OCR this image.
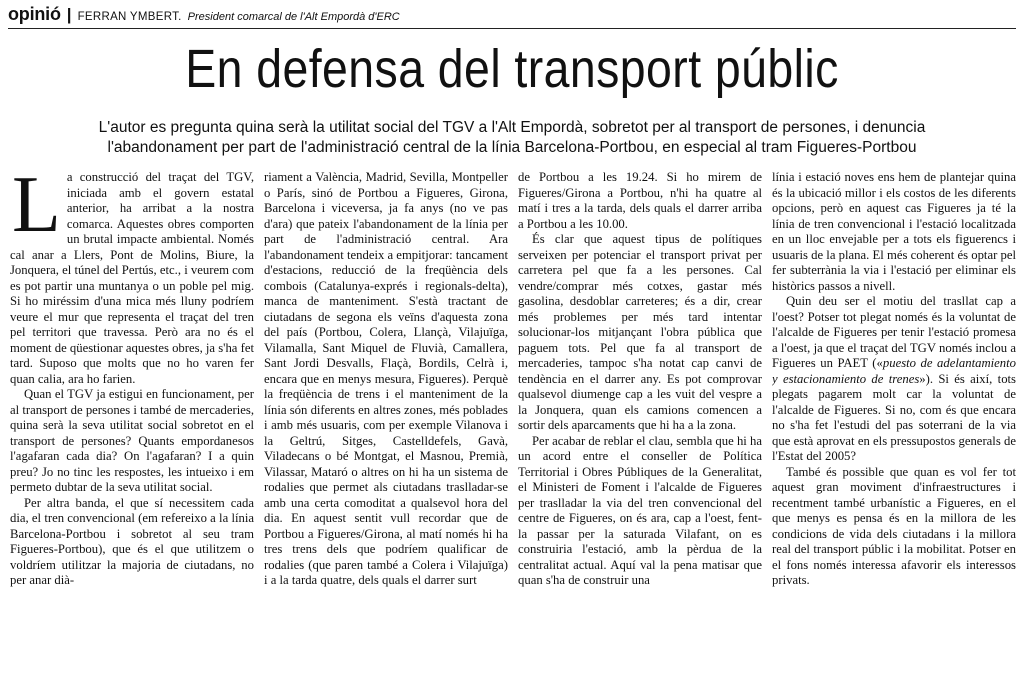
opinió | FERRAN YMBERT. President comarcal de l'Alt Empordà d'ERC
En defensa del transport públic

L'autor es pregunta quina serà la utilitat social del TGV a l'Alt Empordà, sobretot per al transport de persones, i denuncia l'abandonament per part de l'administració central de la línia Barcelona-Portbou, en especial al tram Figueres-Portbou

La construcció del traçat del TGV, iniciada amb el govern estatal anterior, ha arribat a la nostra comarca. Aquestes obres comporten un brutal impacte ambiental. Només cal anar a Llers, Pont de Molins, Biure, la Jonquera, el túnel del Pertús, etc., i veurem com es pot partir una muntanya o un poble pel mig. Si ho miréssim d'una mica més lluny podríem veure el mur que representa el traçat del tren pel territori que travessa. Però ara no és el moment de qüestionar aquestes obres, ja s'ha fet tard. Suposo que molts que no ho varen fer quan calia, ara ho farien.

Quan el TGV ja estigui en funcionament, per al transport de persones i també de mercaderies, quina serà la seva utilitat social sobretot en el transport de persones? Quants empordanesos l'agafaran cada dia? On l'agafaran? I a quin preu? Jo no tinc les respostes, les intueixo i em permeto dubtar de la seva utilitat social.

Per altra banda, el que sí necessitem cada dia, el tren convencional (em refereixo a la línia Barcelona-Portbou i sobretot al seu tram Figueres-Portbou), que és el que utilitzem o voldríem utilitzar la majoria de ciutadans, no per anar dià-

riament a València, Madrid, Sevilla, Montpeller o París, sinó de Portbou a Figueres, Girona, Barcelona i viceversa, ja fa anys (no ve pas d'ara) que pateix l'abandonament de la línia per part de l'administració central. Ara l'abandonament tendeix a empitjorar: tancament d'estacions, reducció de la freqüència dels combois (Catalunya-exprés i regionals-delta), manca de manteniment. S'està tractant de ciutadans de segona els veïns d'aquesta zona del país (Portbou, Colera, Llançà, Vilajuïga, Vilamalla, Sant Miquel de Fluvià, Camallera, Sant Jordi Desvalls, Flaçà, Bordils, Celrà i, encara que en menys mesura, Figueres). Perquè la freqüència de trens i el manteniment de la línia són diferents en altres zones, més poblades i amb més usuaris, com per exemple Vilanova i la Geltrú, Sitges, Castelldefels, Gavà, Viladecans o bé Montgat, el Masnou, Premià, Vilassar, Mataró o altres on hi ha un sistema de rodalies que permet als ciutadans traslladar-se amb una certa comoditat a qualsevol hora del dia. En aquest sentit vull recordar que de Portbou a Figueres/Girona, al matí només hi ha tres trens dels que podríem qualificar de rodalies (que paren també a Colera i Vilajuïga) i a la tarda quatre, dels quals el darrer surt

de Portbou a les 19.24. Si ho mirem de Figueres/Girona a Portbou, n'hi ha quatre al matí i tres a la tarda, dels quals el darrer arriba a Portbou a les 10.00.

És clar que aquest tipus de polítiques serveixen per potenciar el transport privat per carretera pel que fa a les persones. Cal vendre/comprar més cotxes, gastar més gasolina, desdoblar carreteres; és a dir, crear més problemes per més tard intentar solucionar-los mitjançant l'obra pública que paguem tots. Pel que fa al transport de mercaderies, tampoc s'ha notat cap canvi de tendència en el darrer any. Es pot comprovar qualsevol diumenge cap a les vuit del vespre a la Jonquera, quan els camions comencen a sortir dels aparcaments que hi ha a la zona.

Per acabar de reblar el clau, sembla que hi ha un acord entre el conseller de Política Territorial i Obres Públiques de la Generalitat, el Ministeri de Foment i l'alcalde de Figueres per traslladar la via del tren convencional del centre de Figueres, on és ara, cap a l'oest, fent-la passar per la saturada Vilafant, on es construiria l'estació, amb la pèrdua de la centralitat actual. Aquí val la pena matisar que quan s'ha de construir una

línia i estació noves ens hem de plantejar quina és la ubicació millor i els costos de les diferents opcions, però en aquest cas Figueres ja té la línia de tren convencional i l'estació localitzada en un lloc envejable per a tots els figuerencs i usuaris de la plana. El més coherent és optar pel fer subterrània la via i l'estació per eliminar els històrics passos a nivell.

Quin deu ser el motiu del trasllat cap a l'oest? Potser tot plegat només és la voluntat de l'alcalde de Figueres per tenir l'estació promesa a l'oest, ja que el traçat del TGV només inclou a Figueres un PAET («puesto de adelantamiento y estacionamiento de trenes»). Si és així, tots plegats pagarem molt car la voluntat de l'alcalde de Figueres. Si no, com és que encara no s'ha fet l'estudi del pas soterrani de la via que està aprovat en els pressupostos generals de l'Estat del 2005?

També és possible que quan es vol fer tot aquest gran moviment d'infraestructures i recentment també urbanístic a Figueres, en el que menys es pensa és en la millora de les condicions de vida dels ciutadans i la millora real del transport públic i la mobilitat. Potser en el fons només interessa afavorir els interessos privats.
